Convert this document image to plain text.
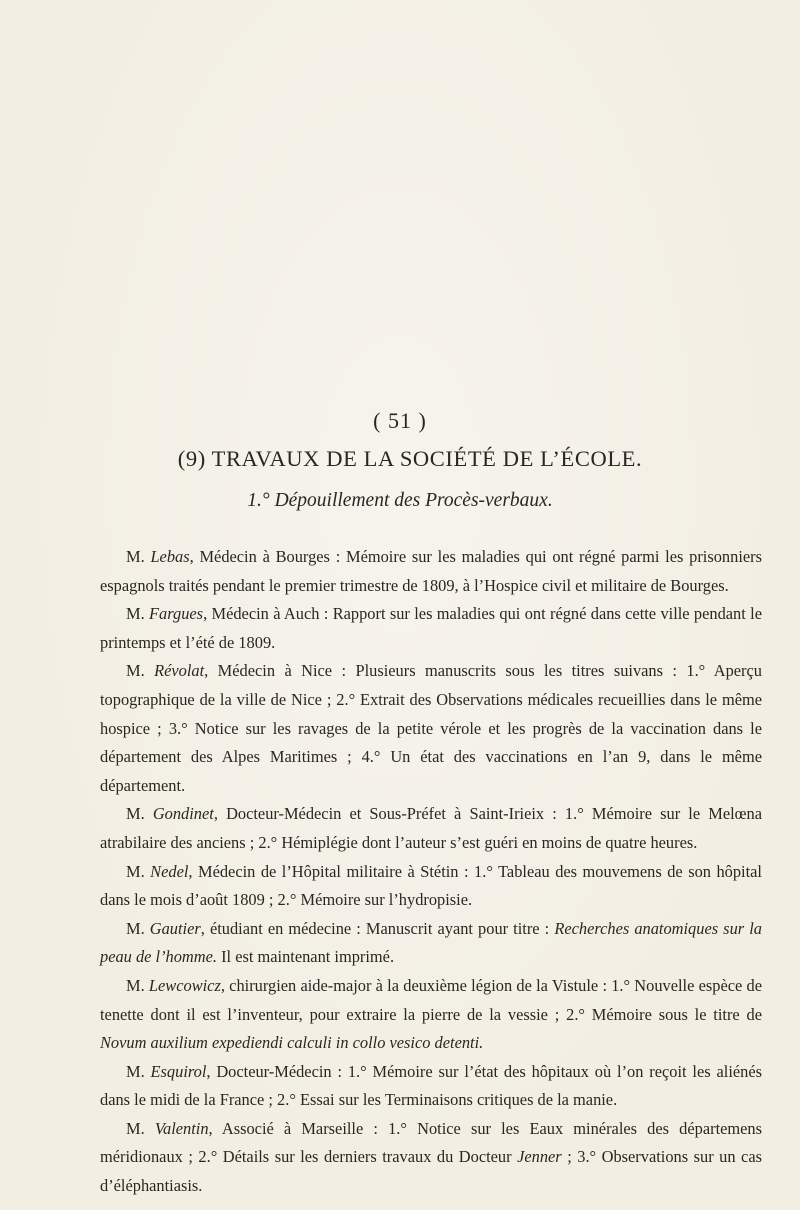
( 51 )
(9) TRAVAUX DE LA SOCIÉTÉ DE L’ÉCOLE.
1.° Dépouillement des Procès-verbaux.

M. Lebas, Médecin à Bourges : Mémoire sur les maladies qui ont régné parmi les prisonniers espagnols traités pendant le premier trimestre de 1809, à l’Hospice civil et militaire de Bourges.

M. Fargues, Médecin à Auch : Rapport sur les maladies qui ont régné dans cette ville pendant le printemps et l’été de 1809.

M. Révolat, Médecin à Nice : Plusieurs manuscrits sous les titres suivans : 1.° Aperçu topographique de la ville de Nice ; 2.° Extrait des Observations médicales recueillies dans le même hospice ; 3.° Notice sur les ravages de la petite vérole et les progrès de la vaccination dans le département des Alpes Maritimes ; 4.° Un état des vaccinations en l’an 9, dans le même département.

M. Gondinet, Docteur-Médecin et Sous-Préfet à Saint-Irieix : 1.° Mémoire sur le Melœna atrabilaire des anciens ; 2.° Hémiplégie dont l’auteur s’est guéri en moins de quatre heures.

M. Nedel, Médecin de l’Hôpital militaire à Stétin : 1.° Tableau des mouvemens de son hôpital dans le mois d’août 1809 ; 2.° Mémoire sur l’hydropisie.

M. Gautier, étudiant en médecine : Manuscrit ayant pour titre : Recherches anatomiques sur la peau de l’homme. Il est maintenant imprimé.

M. Lewcowicz, chirurgien aide-major à la deuxième légion de la Vistule : 1.° Nouvelle espèce de tenette dont il est l’inventeur, pour extraire la pierre de la vessie ; 2.° Mémoire sous le titre de Novum auxilium expediendi calculi in collo vesico detenti.

M. Esquirol, Docteur-Médecin : 1.° Mémoire sur l’état des hôpitaux où l’on reçoit les aliénés dans le midi de la France ; 2.° Essai sur les Terminaisons critiques de la manie.

M. Valentin, Associé à Marseille : 1.° Notice sur les Eaux minérales des départemens méridionaux ; 2.° Détails sur les derniers travaux du Docteur Jenner ; 3.° Observations sur un cas d’éléphantiasis.
